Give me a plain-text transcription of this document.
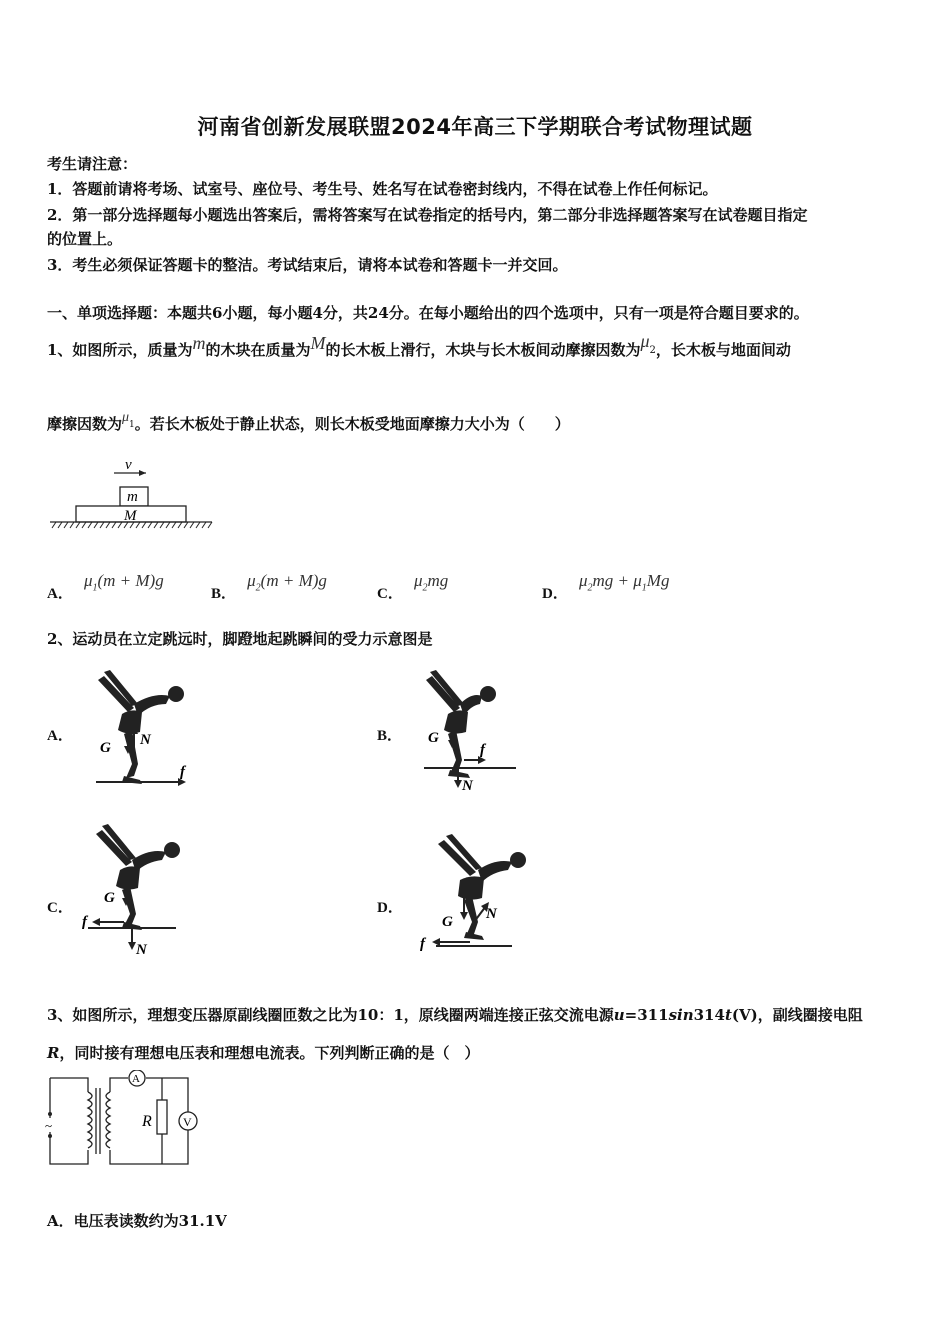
河南省创新发展联盟2024年高三下学期联合考试物理试题
考生请注意：
1．答题前请将考场、试室号、座位号、考生号、姓名写在试卷密封线内，不得在试卷上作任何标记。
2．第一部分选择题每小题选出答案后，需将答案写在试卷指定的括号内，第二部分非选择题答案写在试卷题目指定
的位置上。
3．考生必须保证答题卡的整洁。考试结束后，请将本试卷和答题卡一并交回。
一、单项选择题：本题共6小题，每小题4分，共24分。在每小题给出的四个选项中，只有一项是符合题目要求的。
1、如图所示，质量为m的木块在质量为M的长木板上滑行，木块与长木板间动摩擦因数为$\mu_2$，长木板与地面间动
摩擦因数为$\mu_1$。若长木板处于静止状态，则长木板受地面摩擦力大小为（　　）
v
m
M
A． $\mu_1(m + M)g$
B． $\mu_2(m + M)g$
C． $\mu_2mg$
D． $\mu_2mg + \mu_1Mg$
2、运动员在立定跳远时，脚蹬地起跳瞬间的受力示意图是
A．
G N
f
B． G
f
N
C．
G
f
N
D．
G N
f
3、如图所示，理想变压器原副线圈匝数之比为10：1，原线圈两端连接正弦交流电源u=311sin314t(V)，副线圈接电阻
R，同时接有理想电压表和理想电流表。下列判断正确的是（　）
~
A
V
R
A．电压表读数约为31.1V
